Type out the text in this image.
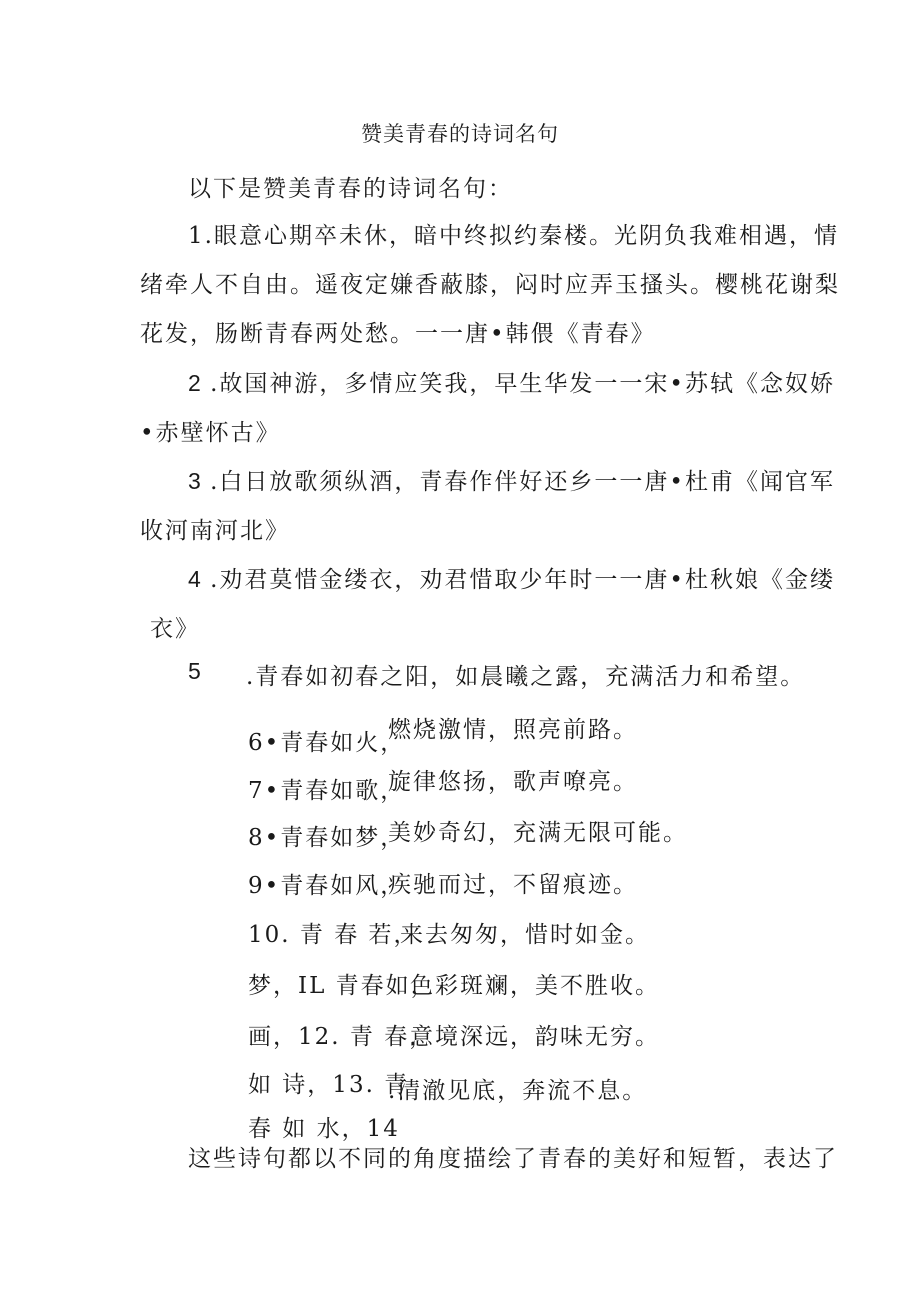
赞美青春的诗词名句
以下是赞美青春的诗词名句：
1.眼意心期卒未休，暗中终拟约秦楼。光阴负我难相遇，情
绪牵人不自由。遥夜定嫌香蔽膝，闷时应弄玉搔头。樱桃花谢梨
花发，肠断青春两处愁。一一唐•韩偎《青春》
2 .故国神游，多情应笑我，早生华发一一宋•苏轼《念奴娇
•赤壁怀古》
3 .白日放歌须纵酒，青春作伴好还乡一一唐•杜甫《闻官军
收河南河北》
4 .劝君莫惜金缕衣，劝君惜取少年时一一唐•杜秋娘《金缕
衣》
5 .青春如初春之阳，如晨曦之露，充满活力和希望。
6•青春如火，
燃烧激情，照亮前路。
7•青春如歌，
旋律悠扬，歌声嘹亮。
8•青春如梦，
美妙奇幻，充满无限可能。
9•青春如风，
疾驰而过，不留痕迹。
10. 青 春 若，
来去匆匆，惜时如金。
梦，IL 青春如，
色彩斑斓，美不胜收。
画，12. 青 春，
意境深远，韵味无穷。
如 诗，13. 青
.清澈见底，奔流不息。
春 如 水，14
这些诗句都以不同的角度描绘了青春的美好和短暂，表达了
